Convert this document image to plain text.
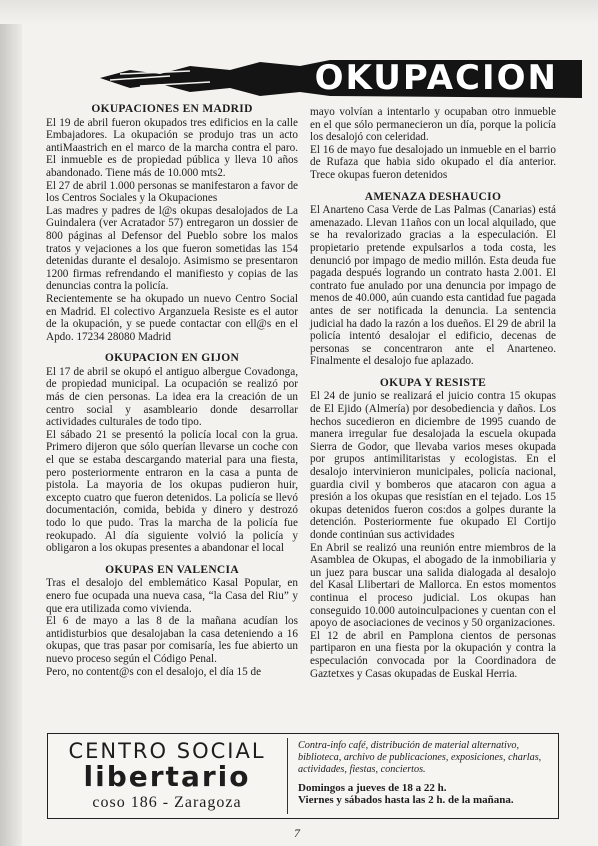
OKUPACION
OKUPACIONES EN MADRID

El 19 de abril fueron okupados tres edificios en la calle Embajadores. La okupación se produjo tras un acto antiMaastrich en el marco de la marcha contra el paro. El inmueble es de propiedad pública y lleva 10 años abandonado. Tiene más de 10.000 mts2.

El 27 de abril 1.000 personas se manifestaron a favor de los Centros Sociales y la Okupaciones

Las madres y padres de l@s okupas desalojados de La Guindalera (ver Acratador 57) entregaron un dossier de 800 páginas al Defensor del Pueblo sobre los malos tratos y vejaciones a los que fueron sometidas las 154 detenidas durante el desalojo. Asimismo se presentaron 1200 firmas refrendando el manifiesto y copias de las denuncias contra la policía.

Recientemente se ha okupado un nuevo Centro Social en Madrid. El colectivo Arganzuela Resiste es el autor de la okupación, y se puede contactar con ell@s en el Apdo. 17234 28080 Madrid

OKUPACION EN GIJON

El 17 de abril se okupó el antiguo albergue Covadonga, de propiedad municipal. La ocupación se realizó por más de cien personas. La idea era la creación de un centro social y asambleario donde desarrollar actividades culturales de todo tipo.

El sábado 21 se presentó la policía local con la grua. Primero dijeron que sólo querían llevarse un coche con el que se estaba descargando material para una fiesta, pero posteriormente entraron en la casa a punta de pistola. La mayoria de los okupas pudieron huir, excepto cuatro que fueron detenidos. La policía se llevó documentación, comida, bebida y dinero y destrozó todo lo que pudo. Tras la marcha de la policía fue reokupado. Al día siguiente volvió la policía y obligaron a los okupas presentes a abandonar el local

OKUPAS EN VALENCIA

Tras el desalojo del emblemático Kasal Popular, en enero fue ocupada una nueva casa, “la Casa del Riu” y que era utilizada como vivienda.

El 6 de mayo a las 8 de la mañana acudían los antidisturbios que desalojaban la casa deteniendo a 16 okupas, que tras pasar por comisaría, les fue abierto un nuevo proceso según el Código Penal.

Pero, no content@s con el desalojo, el día 15 de

mayo volvían a intentarlo y ocupaban otro inmueble en el que sólo permanecieron un día, porque la policía los desalojó con celeridad.

El 16 de mayo fue desalojado un inmueble en el barrio de Rufaza que habia sido okupado el día anterior. Trece okupas fueron detenidos

AMENAZA DESHAUCIO

El Anarteno Casa Verde de Las Palmas (Canarias) está amenazado. Llevan 11años con un local alquilado, que se ha revalorizado gracias a la especulación. El propietario pretende expulsarlos a toda costa, les denunció por impago de medio millón. Esta deuda fue pagada después logrando un contrato hasta 2.001. El contrato fue anulado por una denuncia por impago de menos de 40.000, aún cuando esta cantidad fue pagada antes de ser notificada la denuncia. La sentencia judicial ha dado la razón a los dueños. El 29 de abril la policía intentó desalojar el edificio, decenas de personas se concentraron ante el Anarteneo. Finalmente el desalojo fue aplazado.

OKUPA Y RESISTE

El 24 de junio se realizará el juicio contra 15 okupas de El Ejido (Almería) por desobediencia y daños. Los hechos sucedieron en diciembre de 1995 cuando de manera irregular fue desalojada la escuela okupada Sierra de Godor, que llevaba varios meses okupada por grupos antimilitaristas y ecologistas. En el desalojo intervinieron municipales, policía nacional, guardia civil y bomberos que atacaron con agua a presión a los okupas que resistían en el tejado. Los 15 okupas detenidos fueron cos:dos a golpes durante la detención. Posteriormente fue okupado El Cortijo donde continúan sus actividades

En Abril se realizó una reunión entre miembros de la Asamblea de Okupas, el abogado de la inmobiliaria y un juez para buscar una salida dialogada al desalojo del Kasal Llibertari de Mallorca. En estos momentos continua el proceso judicial. Los okupas han conseguido 10.000 autoinculpaciones y cuentan con el apoyo de asociaciones de vecinos y 50 organizaciones.

El 12 de abril en Pamplona cientos de personas partiparon en una fiesta por la okupación y contra la especulación convocada por la Coordinadora de Gaztetxes y Casas okupadas de Euskal Herria.

CENTRO SOCIAL
libertario
coso 186 - Zaragoza
Contra-info café, distribución de material alternativo, biblioteca, archivo de publicaciones, exposiciones, charlas, actividades, fiestas, conciertos.
Domingos a jueves de 18 a 22 h.
Viernes y sábados hasta las 2 h. de la mañana.
7
